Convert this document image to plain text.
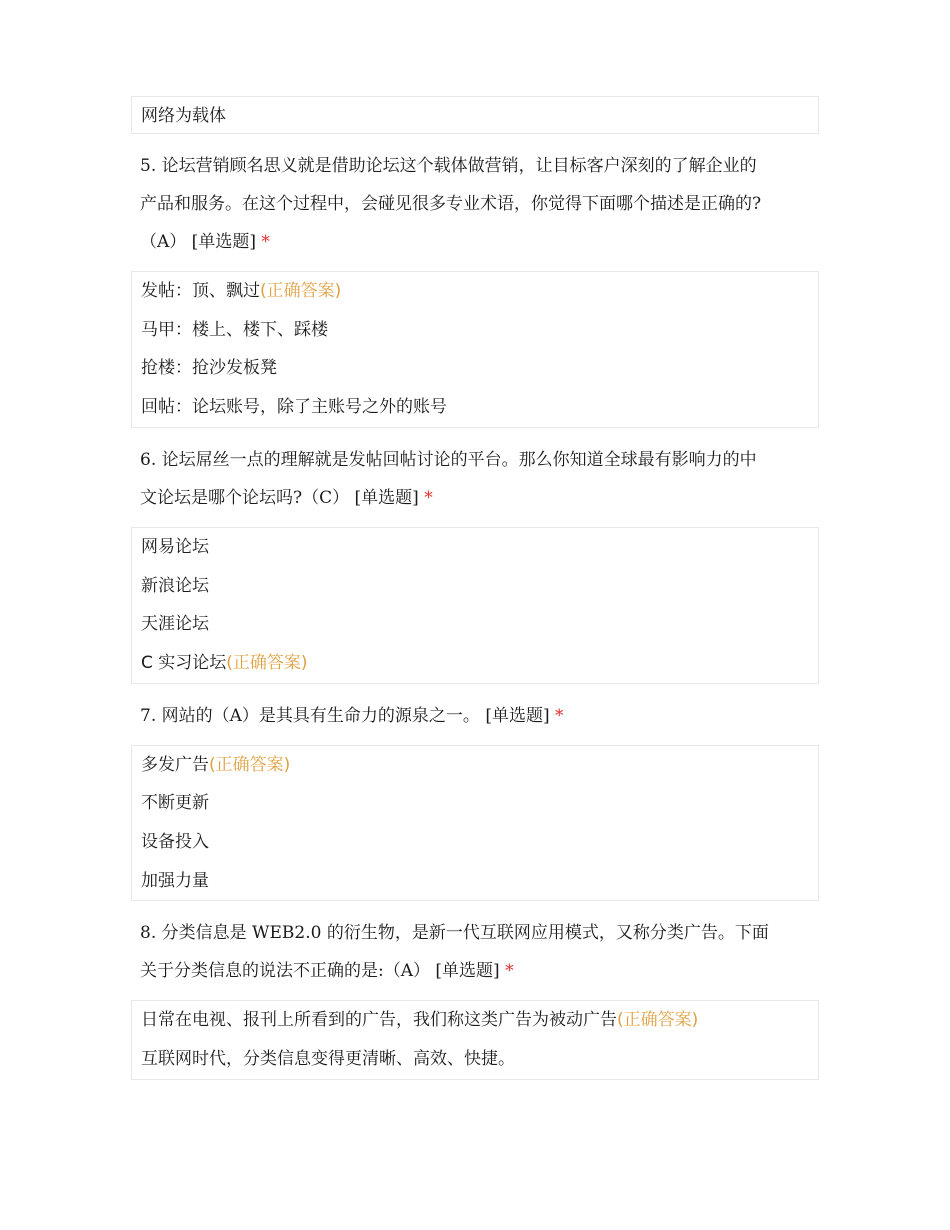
网络为载体
5. 论坛营销顾名思义就是借助论坛这个载体做营销，让目标客户深刻的了解企业的
产品和服务。在这个过程中，会碰见很多专业术语，你觉得下面哪个描述是正确的?
（A） [单选题] *
发帖：顶、飘过(正确答案)
马甲：楼上、楼下、踩楼
抢楼：抢沙发板凳
回帖：论坛账号，除了主账号之外的账号
6. 论坛屌丝一点的理解就是发帖回帖讨论的平台。那么你知道全球最有影响力的中
文论坛是哪个论坛吗?（C） [单选题] *
网易论坛
新浪论坛
天涯论坛
C 实习论坛(正确答案)
7. 网站的（A）是其具有生命力的源泉之一。 [单选题] *
多发广告(正确答案)
不断更新
设备投入
加强力量
8. 分类信息是 WEB2.0 的衍生物，是新一代互联网应用模式，又称分类广告。下面
关于分类信息的说法不正确的是:（A） [单选题] *
日常在电视、报刊上所看到的广告，我们称这类广告为被动广告(正确答案)
互联网时代，分类信息变得更清晰、高效、快捷。
